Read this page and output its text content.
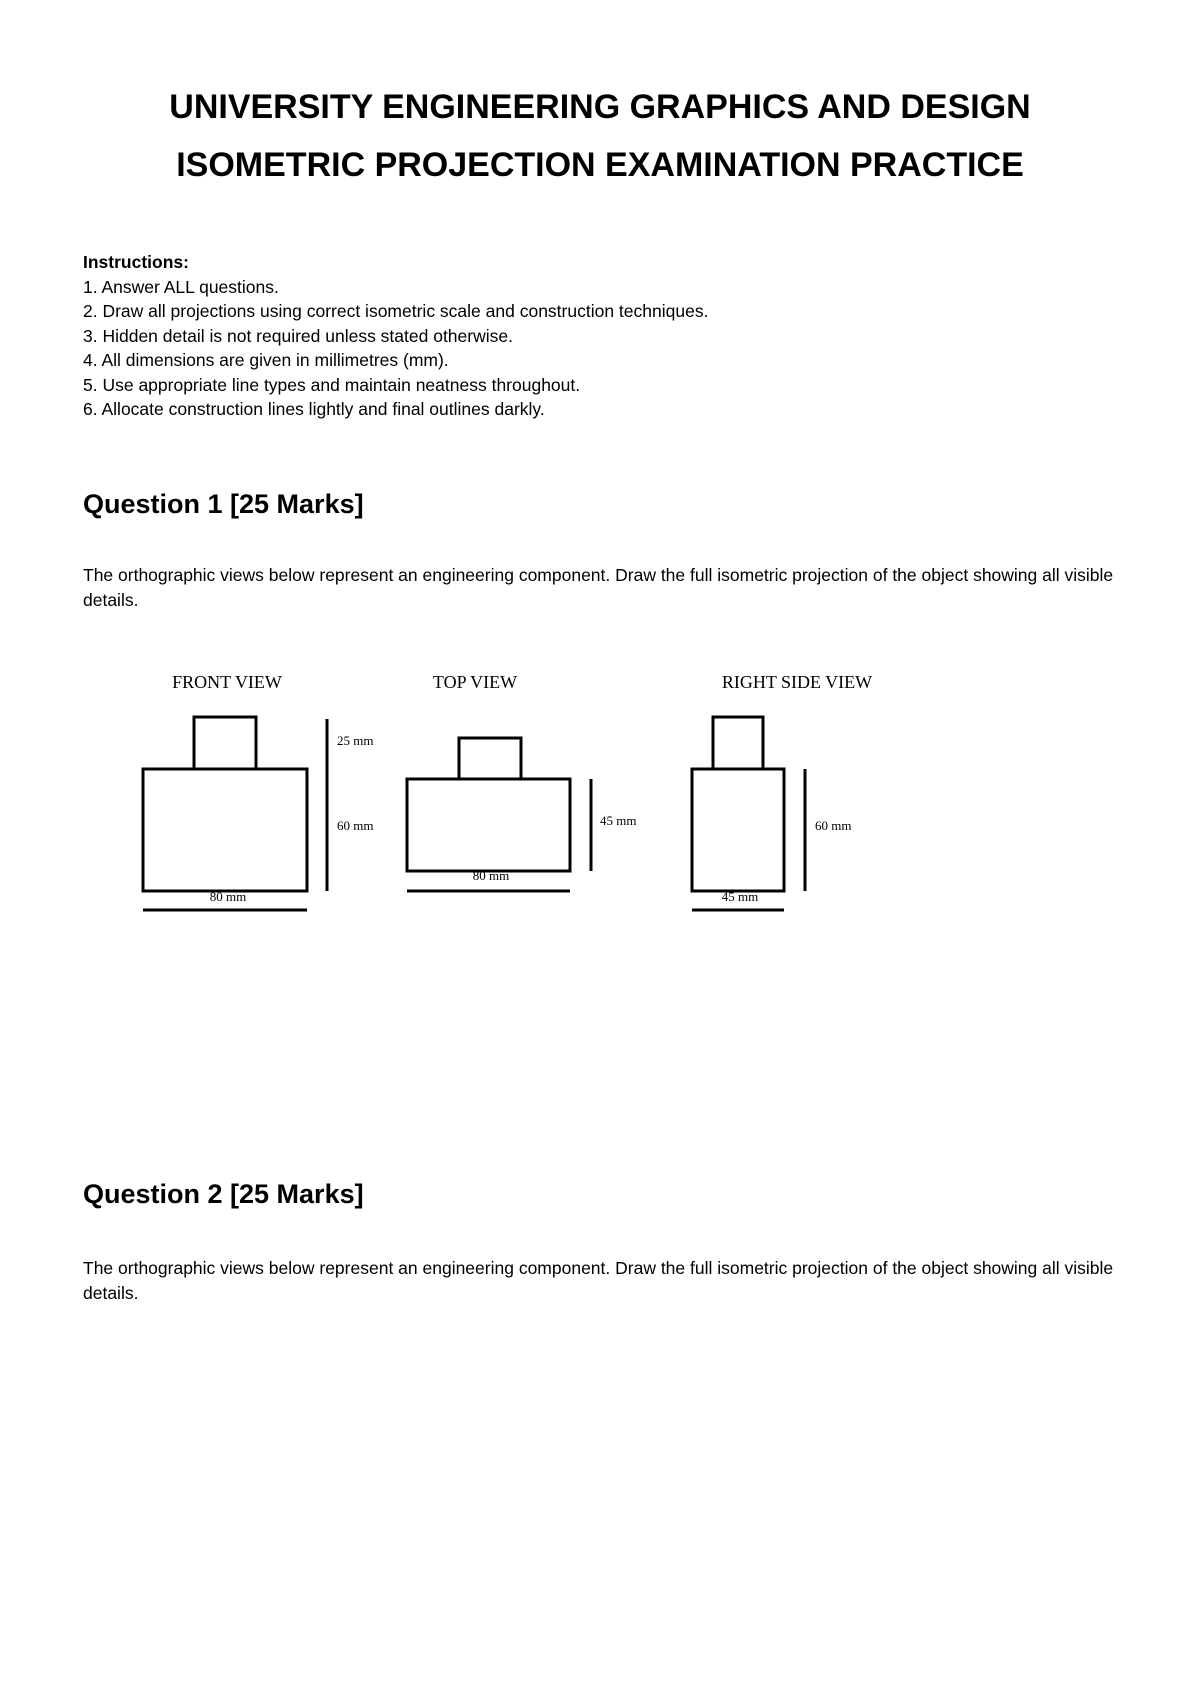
UNIVERSITY ENGINEERING GRAPHICS AND DESIGN
ISOMETRIC PROJECTION EXAMINATION PRACTICE
Instructions:
1. Answer ALL questions.
2. Draw all projections using correct isometric scale and construction techniques.
3. Hidden detail is not required unless stated otherwise.
4. All dimensions are given in millimetres (mm).
5. Use appropriate line types and maintain neatness throughout.
6. Allocate construction lines lightly and final outlines darkly.
Question 1 [25 Marks]

The orthographic views below represent an engineering component. Draw the full isometric projection of the object showing all visible details.

FRONT VIEW	TOP VIEW	RIGHT SIDE VIEW
25 mm
60 mm
80 mm
45 mm
80 mm
60 mm
45 mm
Question 2 [25 Marks]

The orthographic views below represent an engineering component. Draw the full isometric projection of the object showing all visible details.
